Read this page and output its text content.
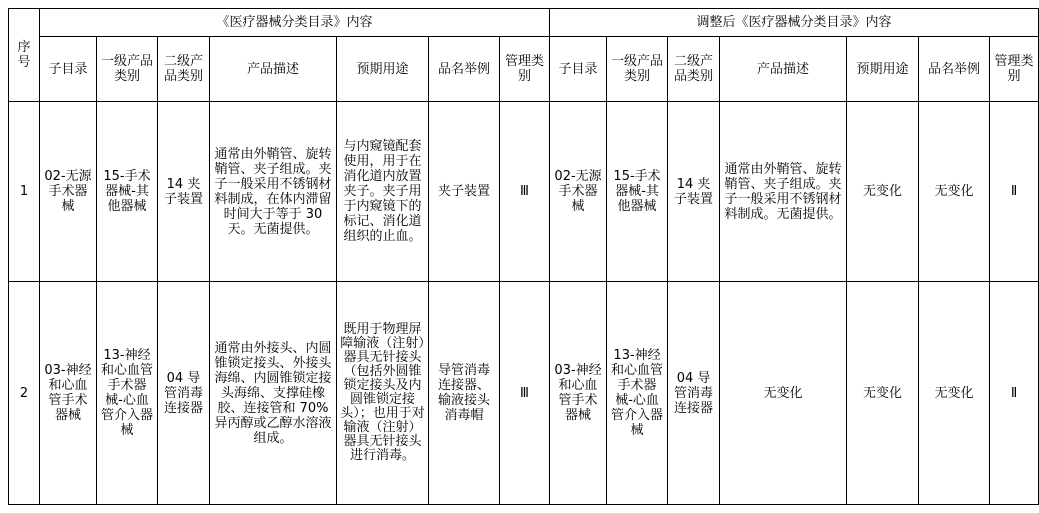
序号	《医疗器械分类目录》内容							调整后《医疗器械分类目录》内容						
	子目录	一级产品类别	二级产品类别	产品描述	预期用途	品名举例	管理类别	子目录	一级产品类别	二级产品类别	产品描述	预期用途	品名举例	管理类别
1	02-无源手术器械	15-手术器械-其他器械	14 夹子装置	通常由外鞘管、旋转鞘管、夹子组成。夹子一般采用不锈钢材料制成，在体内滞留时间大于等于 30 天。无菌提供。	与内窥镜配套使用，用于在消化道内放置夹子。夹子用于内窥镜下的标记、消化道组织的止血。	夹子装置	Ⅲ	02-无源手术器械	15-手术器械-其他器械	14 夹子装置	通常由外鞘管、旋转鞘管、夹子组成。夹子一般采用不锈钢材料制成。无菌提供。	无变化	无变化	Ⅱ
2	03-神经和心血管手术器械	13-神经和心血管手术器械-心血管介入器械	04 导管消毒连接器	通常由外接头、内圆锥锁定接头、外接头海绵、内圆锥锁定接头海绵、支撑硅橡胶、连接管和 70%异丙醇或乙醇水溶液组成。	既用于物理屏障输液（注射）器具无针接头（包括外圆锥锁定接头及内圆锥锁定接头）；也用于对输液（注射）器具无针接头进行消毒。	导管消毒连接器、输液接头消毒帽	Ⅲ	03-神经和心血管手术器械	13-神经和心血管手术器械-心血管介入器械	04 导管消毒连接器	无变化	无变化	无变化	Ⅱ
